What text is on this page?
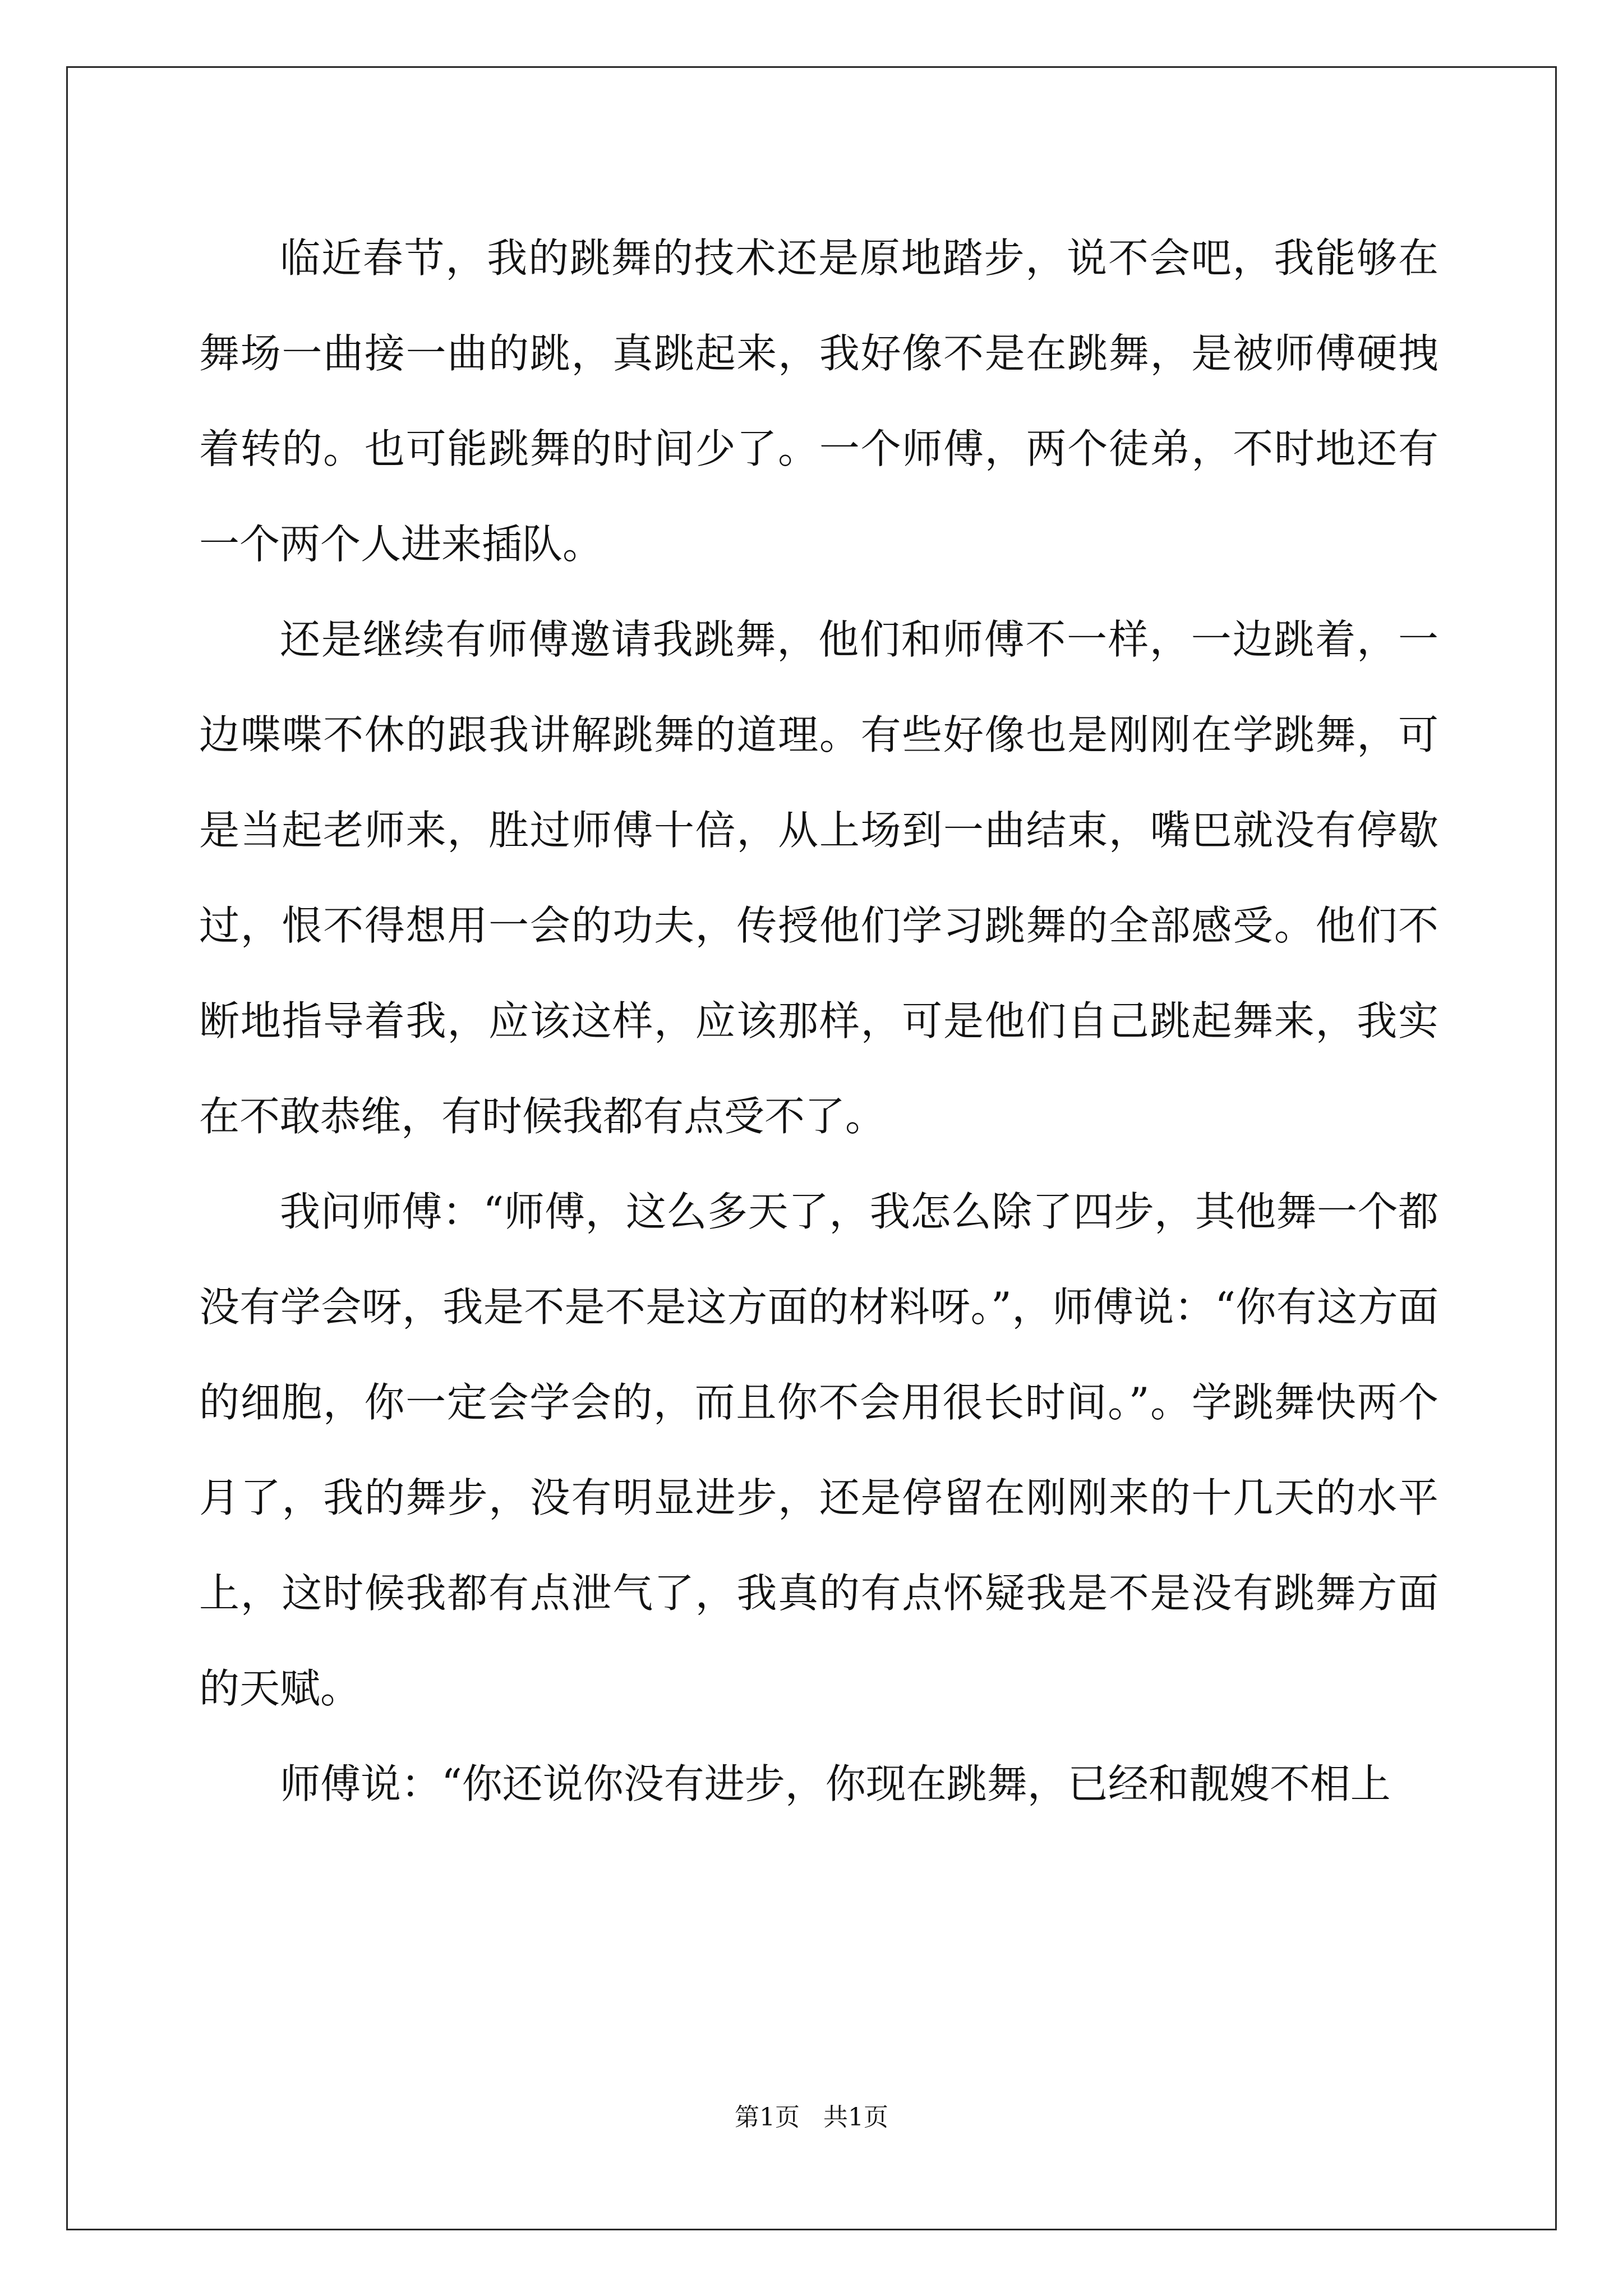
临近春节，我的跳舞的技术还是原地踏步，说不会吧，我能够在舞场一曲接一曲的跳，真跳起来，我好像不是在跳舞，是被师傅硬拽着转的。也可能跳舞的时间少了。一个师傅，两个徒弟，不时地还有一个两个人进来插队。

还是继续有师傅邀请我跳舞，他们和师傅不一样，一边跳着，一边喋喋不休的跟我讲解跳舞的道理。有些好像也是刚刚在学跳舞，可是当起老师来，胜过师傅十倍，从上场到一曲结束，嘴巴就没有停歇过，恨不得想用一会的功夫，传授他们学习跳舞的全部感受。他们不断地指导着我，应该这样，应该那样，可是他们自己跳起舞来，我实在不敢恭维，有时候我都有点受不了。

我问师傅：“师傅，这么多天了，我怎么除了四步，其他舞一个都没有学会呀，我是不是不是这方面的材料呀。”，师傅说：“你有这方面的细胞，你一定会学会的，而且你不会用很长时间。”。学跳舞快两个月了，我的舞步，没有明显进步，还是停留在刚刚来的十几天的水平上，这时候我都有点泄气了，我真的有点怀疑我是不是没有跳舞方面的天赋。

师傅说：“你还说你没有进步，你现在跳舞，已经和靓嫂不相上

第1页   共1页
